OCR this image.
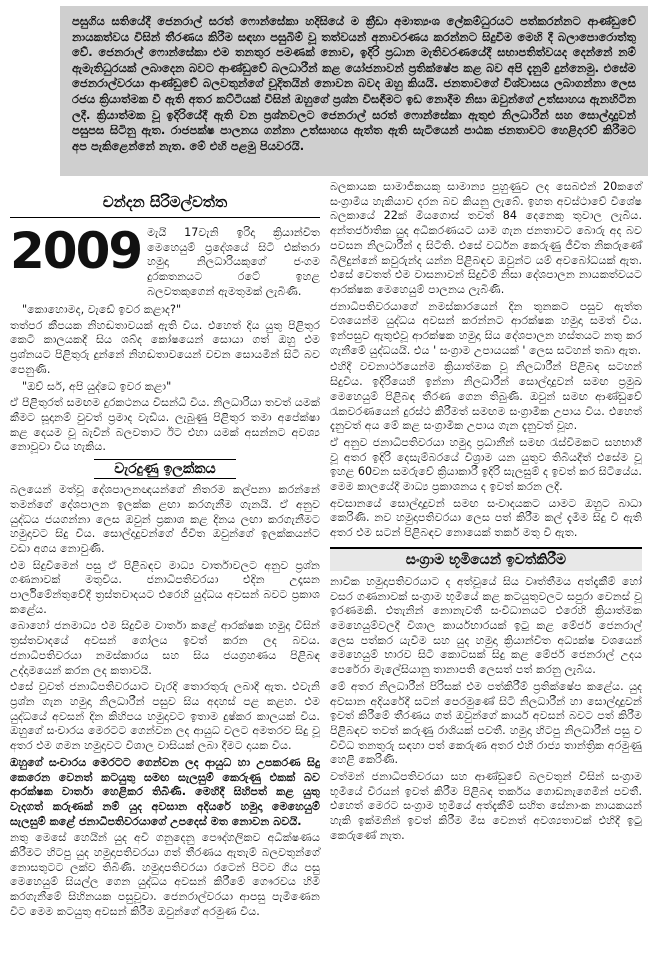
පසුගිය සතියේදී ජෙනරාල් සරත් ෆොන්සේකා හදිසියේ ම ක්‍රීඩා අමාත්‍යංශ ලේකම්ධුරයට පත්කරන්නට ආණ්ඩුවේ නායකත්වය විසින් තීරණය කිරීම සඳහා පසුබිම් වූ තත්වයන් අනාවරණය කරන්නට සිදුවීම මෙහි දී බලාපොරොත්තු වේ. ජෙනරාල් ෆොන්සේකා එම තනතුර පමණක් නොව, ඉදිරි ප්‍රධාන මැතිවරණයේදී සභාපතිත්වයද දෙන්නේ නම් ඇමැතිධුරයක් ලබාදෙන බවට ආණ්ඩුවේ බලධාරීන් කළ යෝජනාවන් ප්‍රතික්ෂේප කළ බව අපි දැනුම් දුන්නෙමු. එසේම ජෙනරාල්වරයා ආණ්ඩුවේ බලවතුන්ගේ චූදිතයින් නොවන බවද ඔහු කියයි. ජනතාවගේ විශ්වාසය ලබාගන්නා ලෙස රජය ක්‍රියාත්මක වී ඇති අතර කට්ටියක් විසින් ඔහුගේ ප්‍රශ්න විසඳීමට ඉඩ නොදීම නිසා ඔවුන්ගේ උත්සාහය ඇනහිටින ලදී. ක්‍රියාත්මක වූ ඉදිරියේදී ඇති වන ප්‍රශ්නවලට ජෙනරාල් සරත් ෆොන්සේකා ඇතුළු නිලධාරීන් සහ සොල්දාදුවන් පසුපස සිටිනු ඇත. රාජපක්ෂ පාලනය ගන්නා උත්සාහය ඇත්ත ඇති සැටියෙන් පාඨක ජනතාවට හෙළිදරව් කිරීමට අප පැකිළෙන්නේ නැත. මේ එහි පළමු පියවරයි.

චන්දන සිරිමල්වත්ත
2009 මැයි 17වැනි ඉරිදා ක්‍රියාන්විත මෙහෙයුම් ප්‍රදේශයේ සිටි එක්තරා හමුදා නිලධාරියකුගේ ජංගම දුරකතනයට රටේ ඉහළ බලවතකුගෙන් ඇමතුමක් ලැබිණි.

"කොහොමද, වැඩේ ඉවර කළාද?"

තත්පර කීපයක නිහඬතාවයක් ඇති විය. එහෙත් දිය යුතු පිළිතුර කෙටි කාලයකදී සිය ශබ්ද කෝෂයෙන් සොයා ගත් ඔහු එම ප්‍රශ්නයට පිළිතුරු දුන්නේ නිහඬතාවයෙන් වචන සොයමින් සිටි බව පෙනුණි.

"ඔව් සර්, අපි යුද්ධෙ ඉවර කළා"

ඒ පිළිතුරත් සමඟම දුරකථනය විසන්ධි විය. නිලධාරියා තවත් යමක් කීමට සූදානම් වුවත් ප්‍රමාද වැඩිය. ලැබුණු පිළිතුර තමා අපේක්ෂා කළ දෙයම වූ බැවින් බලවතාට ඊට එහා යමක් අසන්නට අවශ්‍ය නොවූවා විය හැකිය.

වැරදුණු ඉලක්කය

බලයෙන් මත්වූ දේශපාලනඥයන්ගේ නිතරම කල්පනා කරන්නේ තමන්ගේ දේශපාලන ඉලක්ක ළඟා කරගැනීම ගැනයි. ඒ අනුව යුද්ධය ජයගන්නා ලෙස ඔවුන් ප්‍රකාශ කළ දිනය ලඟා කරගැනීමට හමුදාවට සිදු විය. සොල්දාදුවන්ගේ ජීවිත ඔවුන්ගේ ඉලක්කයන්ට වඩා අගය නොවුණි.

එම සිදුවීමෙන් පසු ඒ පිළිබඳව මාධ්‍ය වාර්තාවලට අනුව ප්‍රශ්න ගණනාවක් මතුවිය. ජනාධිපතිවරයා එදින උදෑසන පාර්ලිමේන්තුවේදී ත්‍රස්තවාදයට එරෙහි යුද්ධය අවසන් බවට ප්‍රකාශ කළේය.

බොහෝ ජනමාධ්‍ය එම සිදුවීම වාර්තා කළේ ආරක්ෂක හමුදා විසින් ත්‍රස්තවාදයේ අවසන් ගෝලය ඉවත් කරන ලද බවය. ජනාධිපතිවරයා නමස්කාරය සහ සිය ජයග්‍රහණය පිළිබඳ උද්දාමයෙන් කරන ලද කතාවයි.

එසේ වුවත් ජනාධිපතිවරයාට වැරදි තොරතුරු ලබාදී ඇත. එවැනි ප්‍රශ්න ගැන හමුදා නිලධාරීන් පසුව සිය අදහස් පළ කළහ. එම යුද්ධයේ අවසන් දින කිහිපය හමුදාවට ඉතාම දුෂ්කර කාලයක් විය. ඔහුගේ සංචාරය මෙරටට ගෙන්වන ලද ආයුධ වලට අමතරව සිදු වූ අතර එම ගමන හමුදාවට විශාල වාසියක් ලබා දීමට දායක විය.

ඔහුගේ සංචාරය මෙරටට ගෙන්වන ලද ආයුධ හා උපකරණ සිදු කෙරෙන වෙනත් කටයුතු සමඟ සැලසුම් කෙරුණු එකක් බව ආරක්ෂක වාර්තා හෙළිකර තිබිණි. මෙහිදී සිහිපත් කළ යුතු වැදගත් කරුණක් නම් යුද අවසාන අදියරේ හමුදා මෙහෙයුම් සැලසුම් කළේ ජනාධිපතිවරයාගේ උපදෙස් මත නොවන බවයි.

නතු මෙසේ හෙයින් යුද අවි ගනුදෙනු පෞද්ගලිකව අධීක්ෂණය කිරීමට හිටපු යුද හමුදාපතිවරයා ගත් තීරණය ඇතැම් බලවතුන්ගේ නොසතුටට ලක්ව තිබිණි. හමුදාපතිවරයා රටෙන් පිටව ගිය පසු මෙහෙයුම් සියල්ල ගෙන යුද්ධය අවසන් කිරීමේ ගෞරවය හිමි කරගැනීමේ සිහිනයක පසුවූවා. ජෙනරාල්වරයා ආපසු පැමිණෙන විට මෙම කටයුතු අවසන් කිරීම ඔවුන්ගේ අරමුණ විය.

බලකායක සාමාජිකයකු සාමාන්‍ය පුහුණුව ලද සෙබළුන් 20කගේ සංග්‍රාමීය හැකියාව දරන බව කියනු ලැබේ. ඉහත අවස්ථාවේ විශේෂ බලකායේ 22ක් මියගොස් තවත් 84 දෙනෙකු තුවාල ලැබිය. අන්තර්ජාතික යුද අධිකරණයට යාම ගැන ජනතාවට බොරු අද බව පවසන නිලධාරීන් ද සිටිති. එසේ වර්ධන කෙරුණු ජීවිත නිකරුණේ බිලිදුන්නේ කවුරුන්ද යන්න පිළිබඳව ඔවුන්ට යම් අවබෝධයක් ඇත. එසේ වෙතත් එම වාසනාවන් සිදුවීම් නිසා දේශපාලන නායකත්වයට ආරක්ෂක මෙහෙයුම් පාලනය ලැබිණි.

ජනාධිපතිවරයාගේ නමස්කාරයෙන් දින තුනකට පසුව ඇත්ත වශයෙන්ම යුද්ධය අවසන් කරන්නට ආරක්ෂක හමුදා සමත් විය. ඉන්පසුව ඇතුළුවූ ආරක්ෂක හමුදා සිය දේශපාලන හස්තයට නතු කර ගැනීමේ යුද්ධයයි. එය ' සංග්‍රාම උපායයක් ' ලෙස සටහන් තබා ඇත.

එහිදී වචනාර්ථයෙන්ම ක්‍රියාත්මක වූ නිලධාරීන් පිළිබඳ සටහන් සිදුවිය. ඉදිරියෙහි ඉන්නා නිලධාරීන් සොල්දාදුවන් සමඟ ප්‍රමුඛ මෙහෙයුම් පිළිබඳ තීරණ ගෙන තිබුණි. ඔවුන් සමඟ ආණ්ඩුවේ රැකවරණයෙන් දුරස්ථ කිරීමත් සමඟම සංග්‍රාමික උපාය විය. එහෙත් දැනුවත් අය මේ කළ සංග්‍රාමික උපාය ගැන දැනුවත් වූහ.

ඒ අනුව ජනාධිපතිවරයා හමුදා ප්‍රධානීන් සමඟ රැස්වීමකට සහභාගී වූ අතර ඉදිරි දෙසැම්බරයේ විශ්‍රාම යන යුතුව තිබියදීත් එසේම වූ ඉහළ 60වන සමරුවේ ක්‍රියාකාරී ඉදිරි සැලසුම් ද ඉවත් කර සිටියේය. මෙම කාලයේදී මාධ්‍ය ප්‍රකාශනය ද ඉවත් කරන ලදී.

අවසානයේ සොල්දාදුවන් සමඟ සංවාදයකට යාමට ඔහුට බාධා කෙරිණි. නව හමුදාපතිවරයා ලෙස පත් කිරීම කල් දැමීම සිදු වී ඇති අතර එම සටන් පිළිබඳව නොයෙක් තර්ක මතු වී ඇත.

සංග්‍රාම භූමියෙන් ඉවත්කිරීම

නාවික හමුදාපතිවරයාට ද අත්වූයේ සිය වෘත්තීමය අත්දැකීම් හෝ වසර ගණනාවක් සංග්‍රාම භූමියේ කළ කටයුතුවලට සපුරා වෙනස් වූ ඉරණමකි. එතැනින් නොනැවතී සංවිධානයට එරෙහි ක්‍රියාත්මක මෙහෙයුම්වලදී විශාල කාර්යභාරයක් ඉටු කළ මේජර් ජෙනරාල් ලෙස පත්කර යැවීම සහ යුද හමුදා ක්‍රියාන්විත අධ්‍යක්ෂ වශයෙන් මෙහෙයුම් භාරව සිටි කොටසක් සිදු කළ මේජර් ජෙනරාල් උදය පෙරේරා මැලේසියානු තානාපති ලෙසත් පත් කරනු ලැබීය.

මේ අතර නිලධාරීන් පිරිසක් එම පත්කිරීම් ප්‍රතික්ෂේප කළේය. යුද අවසාන අදියරේදී සටන් පෙරමුණේ සිටි නිලධාරීන් හා සොල්දාදුවන් ඉවත් කිරීමේ තීරණය ගත් ඔවුන්ගේ කාර්ය අවසන් බවට පත් කිරීම පිළිබඳව තවත් කරුණු රාශියක් පවතී. හමුදා හිටපු නිලධාරීන් පසු ව විවිධ තනතුරු සඳහා පත් කෙරුණ අතර එහි රාජ්‍ය තාන්ත්‍රික අරමුණු හෙළි කෙරිණි.

වත්මන් ජනාධිපතිවරයා සහ ආණ්ඩුවේ බලවතුන් විසින් සංග්‍රාම භූමියේ වීරයන් ඉවත් කිරීම පිළිබඳ තර්කය ගොඩනැගෙමින් පවතී. එහෙත් මෙරට සංග්‍රාම භූමියේ අත්දැකීම් සහිත සේනාංක නායකයන් හැකි ඉක්මනින් ඉවත් කිරීම මිස වෙනත් අවශ්‍යතාවක් එහිදී ඉටු කෙරුණේ නැත.
